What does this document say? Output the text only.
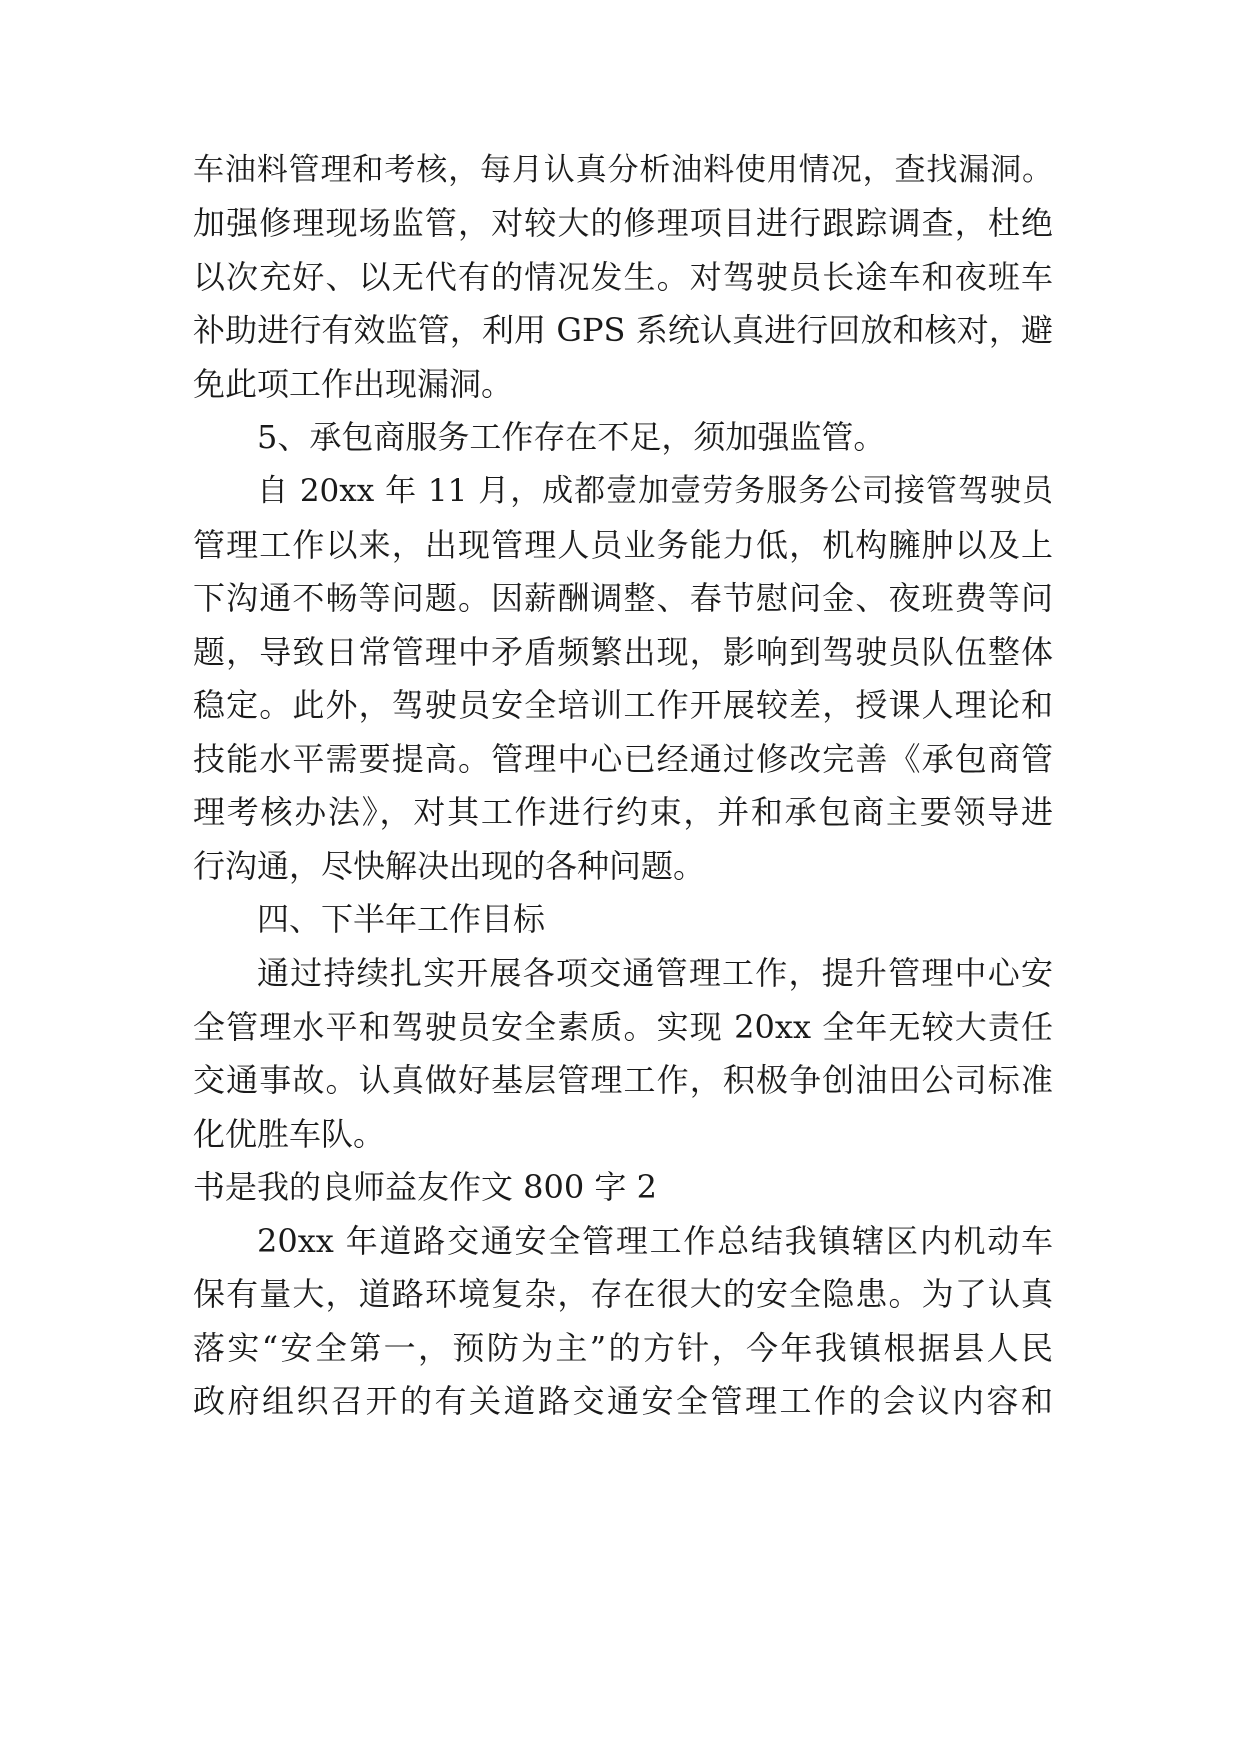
车油料管理和考核，每月认真分析油料使用情况，查找漏洞。
加强修理现场监管，对较大的修理项目进行跟踪调查，杜绝
以次充好、以无代有的情况发生。对驾驶员长途车和夜班车
补助进行有效监管，利用 GPS 系统认真进行回放和核对，避
免此项工作出现漏洞。
5、承包商服务工作存在不足，须加强监管。
自 20xx 年 11 月，成都壹加壹劳务服务公司接管驾驶员
管理工作以来，出现管理人员业务能力低，机构臃肿以及上
下沟通不畅等问题。因薪酬调整、春节慰问金、夜班费等问
题，导致日常管理中矛盾频繁出现，影响到驾驶员队伍整体
稳定。此外，驾驶员安全培训工作开展较差，授课人理论和
技能水平需要提高。管理中心已经通过修改完善《承包商管
理考核办法》，对其工作进行约束，并和承包商主要领导进
行沟通，尽快解决出现的各种问题。
四、下半年工作目标
通过持续扎实开展各项交通管理工作，提升管理中心安
全管理水平和驾驶员安全素质。实现 20xx 全年无较大责任
交通事故。认真做好基层管理工作，积极争创油田公司标准
化优胜车队。
书是我的良师益友作文 800 字 2
20xx 年道路交通安全管理工作总结我镇辖区内机动车
保有量大，道路环境复杂，存在很大的安全隐患。为了认真
落实“安全第一，预防为主”的方针，今年我镇根据县人民
政府组织召开的有关道路交通安全管理工作的会议内容和
